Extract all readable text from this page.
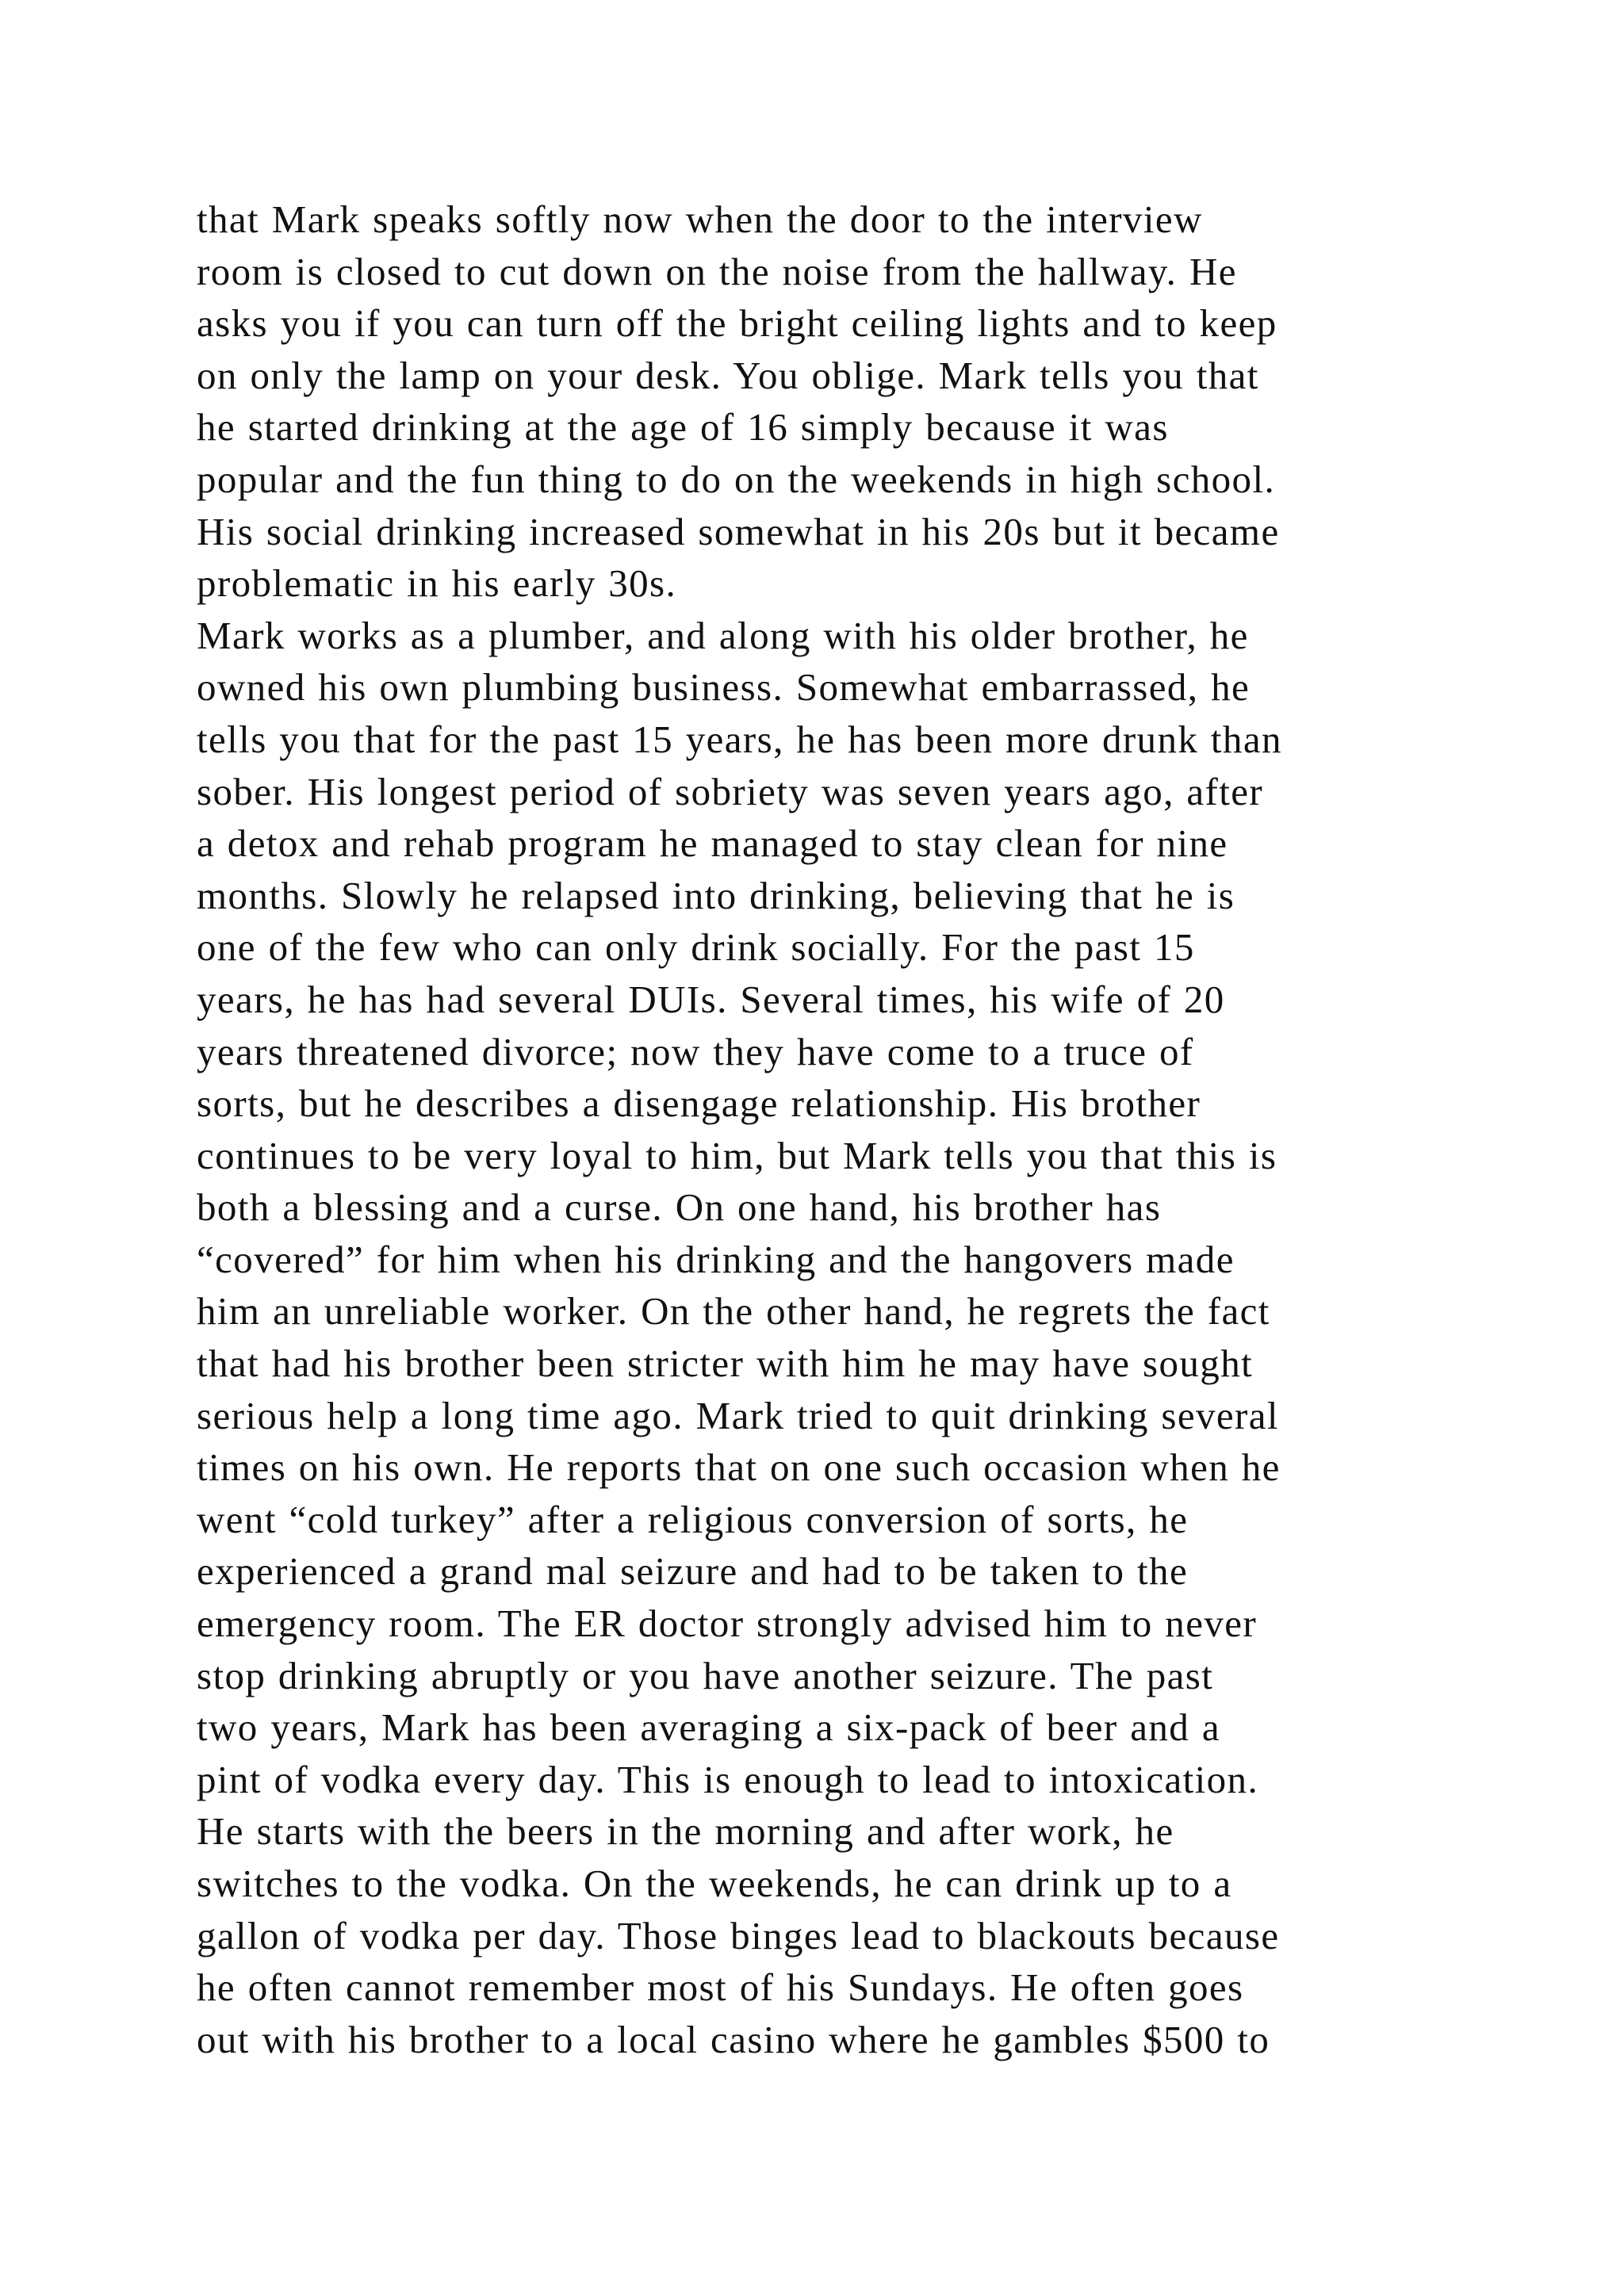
that Mark speaks softly now when the door to the interview
room is closed to cut down on the noise from the hallway. He
asks you if you can turn off the bright ceiling lights and to keep
on only the lamp on your desk. You oblige. Mark tells you that
he started drinking at the age of 16 simply because it was
popular and the fun thing to do on the weekends in high school.
His social drinking increased somewhat in his 20s but it became
problematic in his early 30s.
Mark works as a plumber, and along with his older brother, he
owned his own plumbing business. Somewhat embarrassed, he
tells you that for the past 15 years, he has been more drunk than
sober. His longest period of sobriety was seven years ago, after
a detox and rehab program he managed to stay clean for nine
months. Slowly he relapsed into drinking, believing that he is
one of the few who can only drink socially. For the past 15
years, he has had several DUIs. Several times, his wife of 20
years threatened divorce; now they have come to a truce of
sorts, but he describes a disengage relationship. His brother
continues to be very loyal to him, but Mark tells you that this is
both a blessing and a curse. On one hand, his brother has
“covered” for him when his drinking and the hangovers made
him an unreliable worker. On the other hand, he regrets the fact
that had his brother been stricter with him he may have sought
serious help a long time ago. Mark tried to quit drinking several
times on his own. He reports that on one such occasion when he
went “cold turkey” after a religious conversion of sorts, he
experienced a grand mal seizure and had to be taken to the
emergency room. The ER doctor strongly advised him to never
stop drinking abruptly or you have another seizure. The past
two years, Mark has been averaging a six-pack of beer and a
pint of vodka every day. This is enough to lead to intoxication.
He starts with the beers in the morning and after work, he
switches to the vodka. On the weekends, he can drink up to a
gallon of vodka per day. Those binges lead to blackouts because
he often cannot remember most of his Sundays. He often goes
out with his brother to a local casino where he gambles $500 to
